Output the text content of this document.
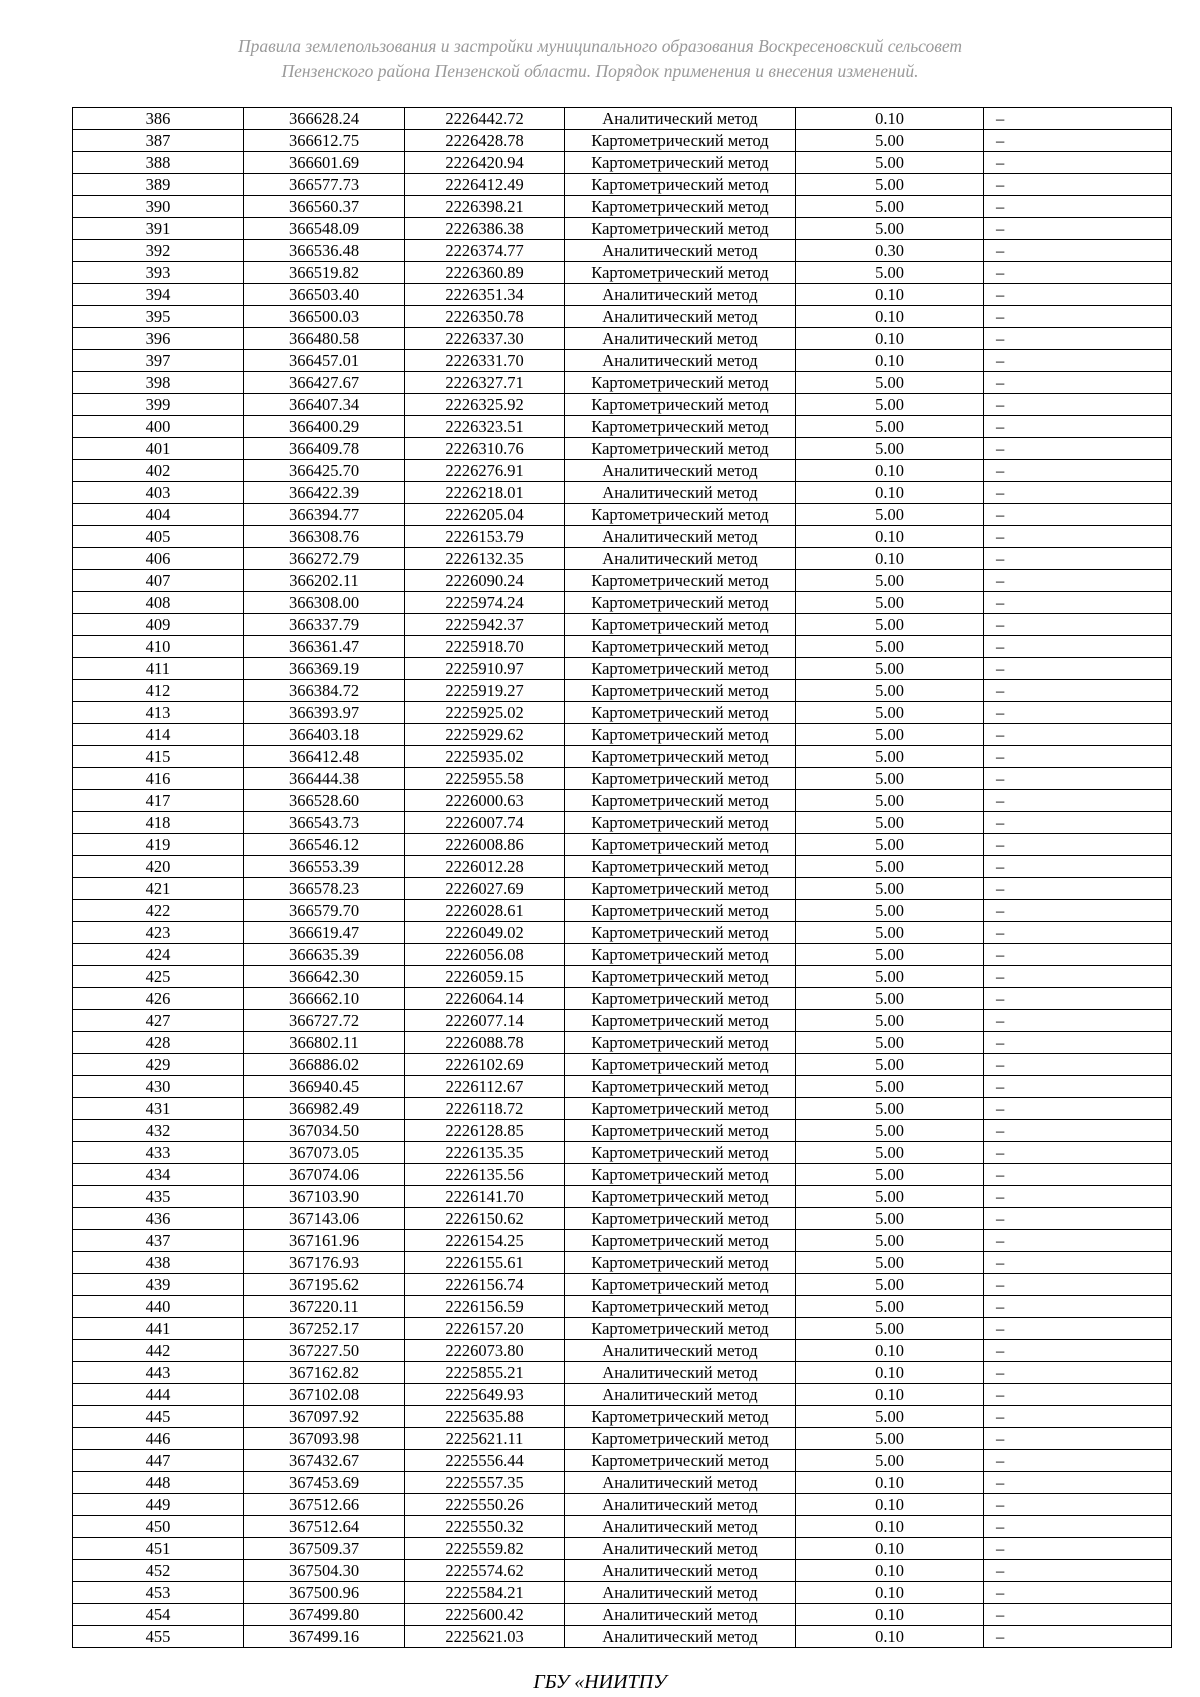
Правила землепользования и застройки муниципального образования Воскресеновский сельсовет
Пензенского района Пензенской области. Порядок применения и внесения изменений.
386	366628.24	2226442.72	Аналитический метод	0.10	–
387	366612.75	2226428.78	Картометрический метод	5.00	–
388	366601.69	2226420.94	Картометрический метод	5.00	–
389	366577.73	2226412.49	Картометрический метод	5.00	–
390	366560.37	2226398.21	Картометрический метод	5.00	–
391	366548.09	2226386.38	Картометрический метод	5.00	–
392	366536.48	2226374.77	Аналитический метод	0.30	–
393	366519.82	2226360.89	Картометрический метод	5.00	–
394	366503.40	2226351.34	Аналитический метод	0.10	–
395	366500.03	2226350.78	Аналитический метод	0.10	–
396	366480.58	2226337.30	Аналитический метод	0.10	–
397	366457.01	2226331.70	Аналитический метод	0.10	–
398	366427.67	2226327.71	Картометрический метод	5.00	–
399	366407.34	2226325.92	Картометрический метод	5.00	–
400	366400.29	2226323.51	Картометрический метод	5.00	–
401	366409.78	2226310.76	Картометрический метод	5.00	–
402	366425.70	2226276.91	Аналитический метод	0.10	–
403	366422.39	2226218.01	Аналитический метод	0.10	–
404	366394.77	2226205.04	Картометрический метод	5.00	–
405	366308.76	2226153.79	Аналитический метод	0.10	–
406	366272.79	2226132.35	Аналитический метод	0.10	–
407	366202.11	2226090.24	Картометрический метод	5.00	–
408	366308.00	2225974.24	Картометрический метод	5.00	–
409	366337.79	2225942.37	Картометрический метод	5.00	–
410	366361.47	2225918.70	Картометрический метод	5.00	–
411	366369.19	2225910.97	Картометрический метод	5.00	–
412	366384.72	2225919.27	Картометрический метод	5.00	–
413	366393.97	2225925.02	Картометрический метод	5.00	–
414	366403.18	2225929.62	Картометрический метод	5.00	–
415	366412.48	2225935.02	Картометрический метод	5.00	–
416	366444.38	2225955.58	Картометрический метод	5.00	–
417	366528.60	2226000.63	Картометрический метод	5.00	–
418	366543.73	2226007.74	Картометрический метод	5.00	–
419	366546.12	2226008.86	Картометрический метод	5.00	–
420	366553.39	2226012.28	Картометрический метод	5.00	–
421	366578.23	2226027.69	Картометрический метод	5.00	–
422	366579.70	2226028.61	Картометрический метод	5.00	–
423	366619.47	2226049.02	Картометрический метод	5.00	–
424	366635.39	2226056.08	Картометрический метод	5.00	–
425	366642.30	2226059.15	Картометрический метод	5.00	–
426	366662.10	2226064.14	Картометрический метод	5.00	–
427	366727.72	2226077.14	Картометрический метод	5.00	–
428	366802.11	2226088.78	Картометрический метод	5.00	–
429	366886.02	2226102.69	Картометрический метод	5.00	–
430	366940.45	2226112.67	Картометрический метод	5.00	–
431	366982.49	2226118.72	Картометрический метод	5.00	–
432	367034.50	2226128.85	Картометрический метод	5.00	–
433	367073.05	2226135.35	Картометрический метод	5.00	–
434	367074.06	2226135.56	Картометрический метод	5.00	–
435	367103.90	2226141.70	Картометрический метод	5.00	–
436	367143.06	2226150.62	Картометрический метод	5.00	–
437	367161.96	2226154.25	Картометрический метод	5.00	–
438	367176.93	2226155.61	Картометрический метод	5.00	–
439	367195.62	2226156.74	Картометрический метод	5.00	–
440	367220.11	2226156.59	Картометрический метод	5.00	–
441	367252.17	2226157.20	Картометрический метод	5.00	–
442	367227.50	2226073.80	Аналитический метод	0.10	–
443	367162.82	2225855.21	Аналитический метод	0.10	–
444	367102.08	2225649.93	Аналитический метод	0.10	–
445	367097.92	2225635.88	Картометрический метод	5.00	–
446	367093.98	2225621.11	Картометрический метод	5.00	–
447	367432.67	2225556.44	Картометрический метод	5.00	–
448	367453.69	2225557.35	Аналитический метод	0.10	–
449	367512.66	2225550.26	Аналитический метод	0.10	–
450	367512.64	2225550.32	Аналитический метод	0.10	–
451	367509.37	2225559.82	Аналитический метод	0.10	–
452	367504.30	2225574.62	Аналитический метод	0.10	–
453	367500.96	2225584.21	Аналитический метод	0.10	–
454	367499.80	2225600.42	Аналитический метод	0.10	–
455	367499.16	2225621.03	Аналитический метод	0.10	–
ГБУ «НИИТПУ
